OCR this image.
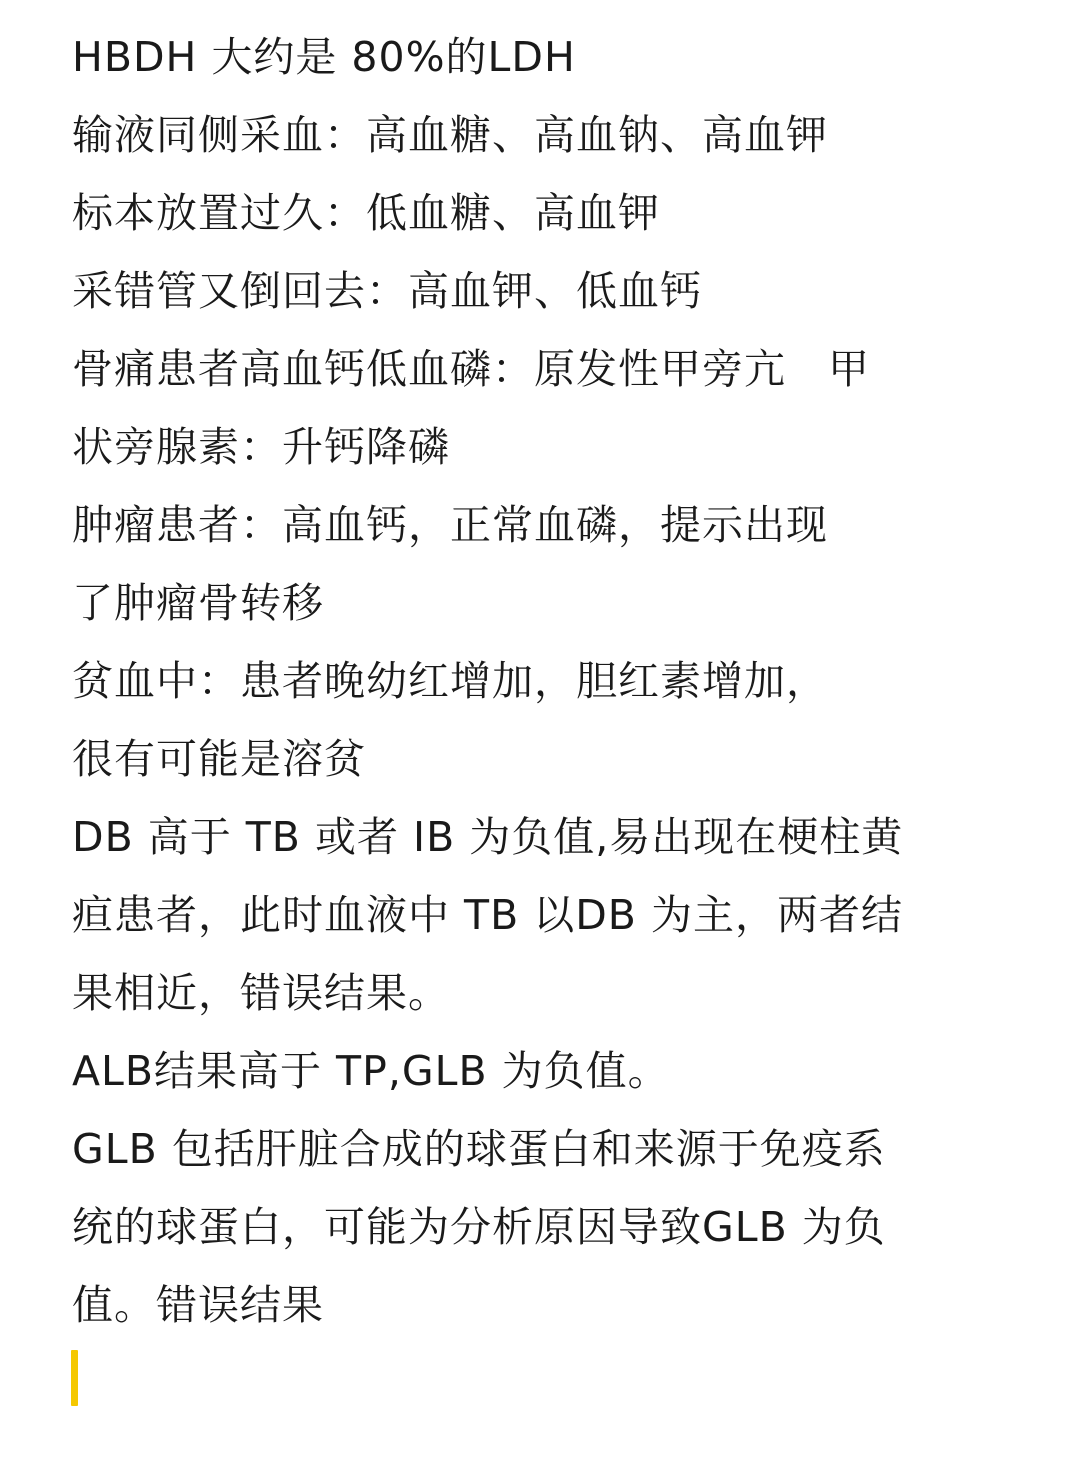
HBDH 大约是 80%的LDH
输液同侧采血：高血糖、高血钠、高血钾
标本放置过久：低血糖、高血钾
采错管又倒回去：高血钾、低血钙
骨痛患者高血钙低血磷：原发性甲旁亢　甲
状旁腺素：升钙降磷
肿瘤患者：高血钙，正常血磷，提示出现
了肿瘤骨转移
贫血中：患者晚幼红增加，胆红素增加，
很有可能是溶贫
DB 高于 TB 或者 IB 为负值,易出现在梗柱黄
疸患者，此时血液中 TB 以DB 为主，两者结
果相近，错误结果。
ALB结果高于 TP,GLB 为负值。
GLB 包括肝脏合成的球蛋白和来源于免疫系
统的球蛋白，可能为分析原因导致GLB 为负
值。错误结果
